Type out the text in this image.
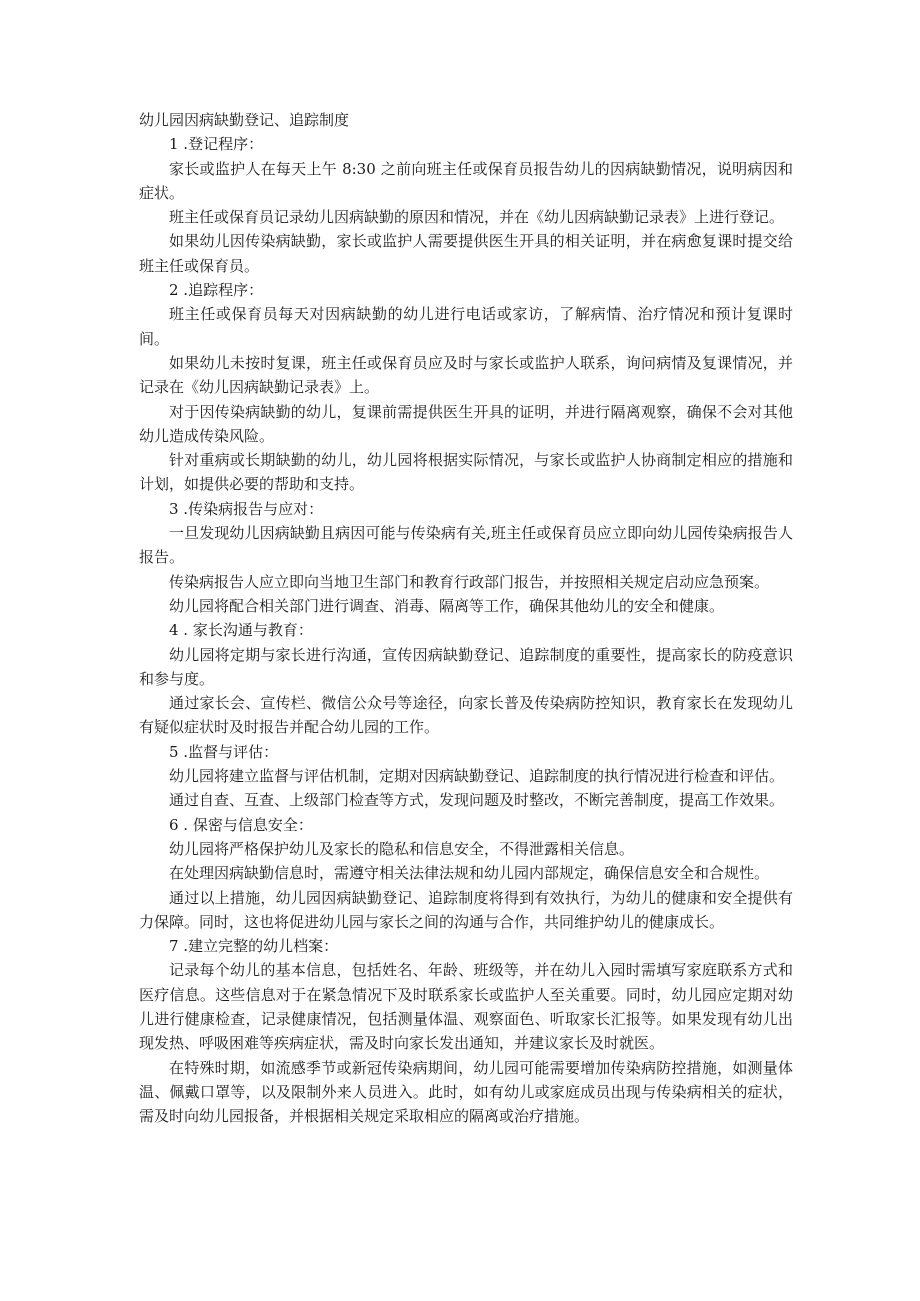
幼儿园因病缺勤登记、追踪制度

1 .登记程序：

家长或监护人在每天上午 8:30 之前向班主任或保育员报告幼儿的因病缺勤情况，说明病因和症状。

班主任或保育员记录幼儿因病缺勤的原因和情况，并在《幼儿因病缺勤记录表》上进行登记。

如果幼儿因传染病缺勤，家长或监护人需要提供医生开具的相关证明，并在病愈复课时提交给班主任或保育员。

2 .追踪程序：

班主任或保育员每天对因病缺勤的幼儿进行电话或家访，了解病情、治疗情况和预计复课时间。

如果幼儿未按时复课，班主任或保育员应及时与家长或监护人联系，询问病情及复课情况，并记录在《幼儿因病缺勤记录表》上。

对于因传染病缺勤的幼儿，复课前需提供医生开具的证明，并进行隔离观察，确保不会对其他幼儿造成传染风险。

针对重病或长期缺勤的幼儿，幼儿园将根据实际情况，与家长或监护人协商制定相应的措施和计划，如提供必要的帮助和支持。

3 .传染病报告与应对：

一旦发现幼儿因病缺勤且病因可能与传染病有关,班主任或保育员应立即向幼儿园传染病报告人报告。

传染病报告人应立即向当地卫生部门和教育行政部门报告，并按照相关规定启动应急预案。

幼儿园将配合相关部门进行调查、消毒、隔离等工作，确保其他幼儿的安全和健康。

4 . 家长沟通与教育：

幼儿园将定期与家长进行沟通，宣传因病缺勤登记、追踪制度的重要性，提高家长的防疫意识和参与度。

通过家长会、宣传栏、微信公众号等途径，向家长普及传染病防控知识，教育家长在发现幼儿有疑似症状时及时报告并配合幼儿园的工作。

5 .监督与评估：

幼儿园将建立监督与评估机制，定期对因病缺勤登记、追踪制度的执行情况进行检查和评估。

通过自查、互查、上级部门检查等方式，发现问题及时整改，不断完善制度，提高工作效果。

6 . 保密与信息安全：

幼儿园将严格保护幼儿及家长的隐私和信息安全，不得泄露相关信息。

在处理因病缺勤信息时，需遵守相关法律法规和幼儿园内部规定，确保信息安全和合规性。

通过以上措施，幼儿园因病缺勤登记、追踪制度将得到有效执行，为幼儿的健康和安全提供有力保障。同时，这也将促进幼儿园与家长之间的沟通与合作，共同维护幼儿的健康成长。

7 .建立完整的幼儿档案：

记录每个幼儿的基本信息，包括姓名、年龄、班级等，并在幼儿入园时需填写家庭联系方式和医疗信息。这些信息对于在紧急情况下及时联系家长或监护人至关重要。同时，幼儿园应定期对幼儿进行健康检查，记录健康情况，包括测量体温、观察面色、听取家长汇报等。如果发现有幼儿出现发热、呼吸困难等疾病症状，需及时向家长发出通知，并建议家长及时就医。

在特殊时期，如流感季节或新冠传染病期间，幼儿园可能需要增加传染病防控措施，如测量体温、佩戴口罩等，以及限制外来人员进入。此时，如有幼儿或家庭成员出现与传染病相关的症状，需及时向幼儿园报备，并根据相关规定采取相应的隔离或治疗措施。
